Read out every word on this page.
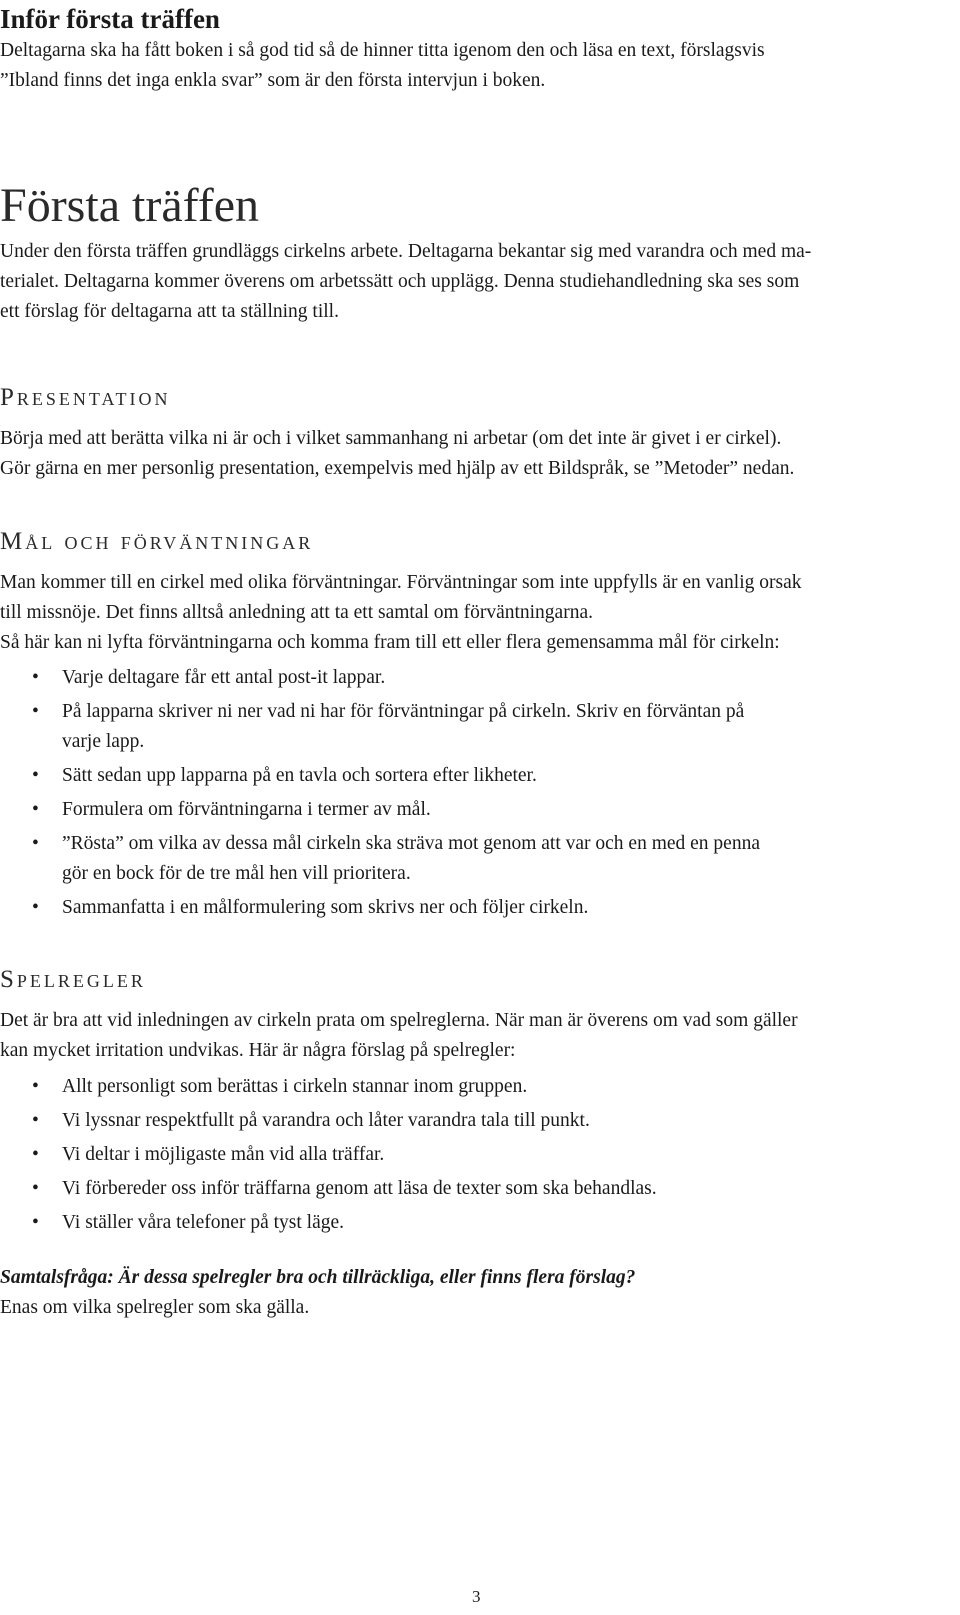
Inför första träffen

Deltagarna ska ha fått boken i så god tid så de hinner titta igenom den och läsa en text, förslagsvis

”Ibland finns det inga enkla svar” som är den första intervjun i boken.

Första träffen

Under den första träffen grundläggs cirkelns arbete. Deltagarna bekantar sig med varandra och med ma-

terialet. Deltagarna kommer överens om arbetssätt och upplägg. Denna studiehandledning ska ses som

ett förslag för deltagarna att ta ställning till.

Presentation

Börja med att berätta vilka ni är och i vilket sammanhang ni arbetar (om det inte är givet i er cirkel).

Gör gärna en mer personlig presentation, exempelvis med hjälp av ett Bildspråk, se ”Metoder” nedan.

Mål och förväntningar

Man kommer till en cirkel med olika förväntningar. Förväntningar som inte uppfylls är en vanlig orsak

till missnöje. Det finns alltså anledning att ta ett samtal om förväntningarna.

Så här kan ni lyfta förväntningarna och komma fram till ett eller flera gemensamma mål för cirkeln:

• Varje deltagare får ett antal post-it lappar.
• På lapparna skriver ni ner vad ni har för förväntningar på cirkeln. Skriv en förväntan på
varje lapp.
• Sätt sedan upp lapparna på en tavla och sortera efter likheter.
• Formulera om förväntningarna i termer av mål.
• ”Rösta” om vilka av dessa mål cirkeln ska sträva mot genom att var och en med en penna
gör en bock för de tre mål hen vill prioritera.
• Sammanfatta i en målformulering som skrivs ner och följer cirkeln.
Spelregler

Det är bra att vid inledningen av cirkeln prata om spelreglerna. När man är överens om vad som gäller

kan mycket irritation undvikas. Här är några förslag på spelregler:

• Allt personligt som berättas i cirkeln stannar inom gruppen.
• Vi lyssnar respektfullt på varandra och låter varandra tala till punkt.
• Vi deltar i möjligaste mån vid alla träffar.
• Vi förbereder oss inför träffarna genom att läsa de texter som ska behandlas.
• Vi ställer våra telefoner på tyst läge.

Samtalsfråga: Är dessa spelregler bra och tillräckliga, eller finns flera förslag?

Enas om vilka spelregler som ska gälla.

3
